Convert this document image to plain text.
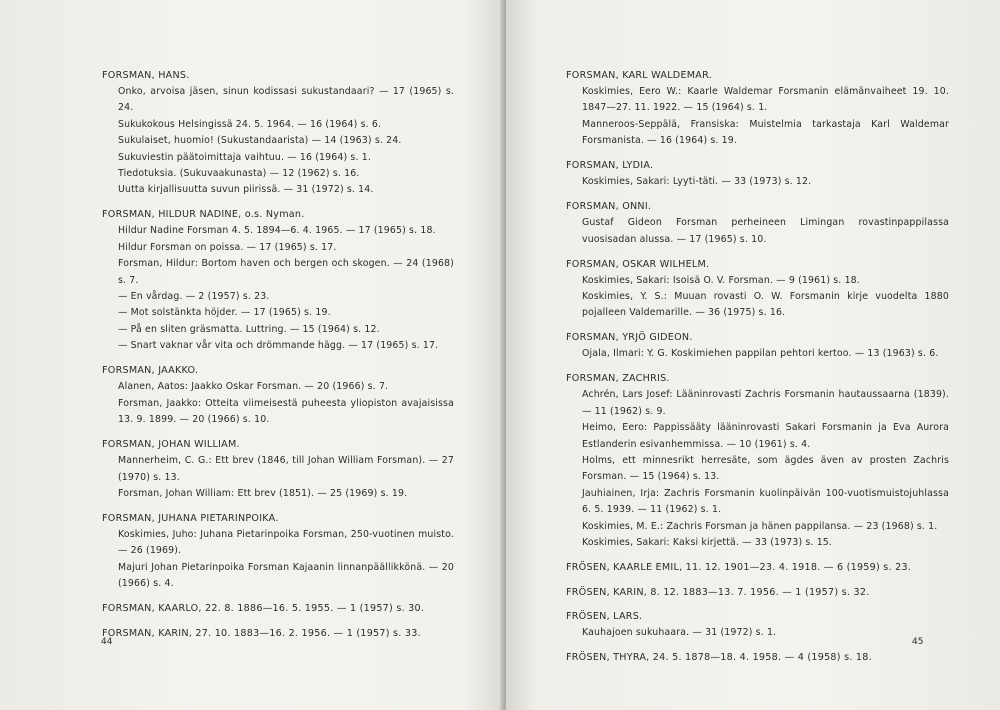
FORSMAN, HANS.
Onko, arvoisa jäsen, sinun kodissasi sukustandaari? — 17 (1965) s. 24.
Sukukokous Helsingissä 24. 5. 1964. — 16 (1964) s. 6.
Sukulaiset, huomio! (Sukustandaarista) — 14 (1963) s. 24.
Sukuviestin päätoimittaja vaihtuu. — 16 (1964) s. 1.
Tiedotuksia. (Sukuvaakunasta) — 12 (1962) s. 16.
Uutta kirjallisuutta suvun piirissä. — 31 (1972) s. 14.
FORSMAN, HILDUR NADINE, o.s. Nyman.
Hildur Nadine Forsman 4. 5. 1894—6. 4. 1965. — 17 (1965) s. 18.
Hildur Forsman on poissa. — 17 (1965) s. 17.
Forsman, Hildur: Bortom haven och bergen och skogen. — 24 (1968) s. 7.
— En vårdag. — 2 (1957) s. 23.
— Mot solstänkta höjder. — 17 (1965) s. 19.
— På en sliten gräsmatta. Luttring. — 15 (1964) s. 12.
— Snart vaknar vår vita och drömmande hägg. — 17 (1965) s. 17.
FORSMAN, JAAKKO.
Alanen, Aatos: Jaakko Oskar Forsman. — 20 (1966) s. 7.
Forsman, Jaakko: Otteita viimeisestä puheesta yliopiston avajaisissa 13. 9. 1899. — 20 (1966) s. 10.
FORSMAN, JOHAN WILLIAM.
Mannerheim, C. G.: Ett brev (1846, till Johan William Forsman). — 27 (1970) s. 13.
Forsman, Johan William: Ett brev (1851). — 25 (1969) s. 19.
FORSMAN, JUHANA PIETARINPOIKA.
Koskimies, Juho: Juhana Pietarinpoika Forsman, 250-vuotinen muisto. — 26 (1969).
Majuri Johan Pietarinpoika Forsman Kajaanin linnanpäällikkönä. — 20 (1966) s. 4.
FORSMAN, KAARLO, 22. 8. 1886—16. 5. 1955. — 1 (1957) s. 30.
FORSMAN, KARIN, 27. 10. 1883—16. 2. 1956. — 1 (1957) s. 33.
44
FORSMAN, KARL WALDEMAR.
Koskimies, Eero W.: Kaarle Waldemar Forsmanin elämänvaiheet 19. 10. 1847—27. 11. 1922. — 15 (1964) s. 1.
Manneroos-Seppälä, Fransiska: Muistelmia tarkastaja Karl Waldemar Forsmanista. — 16 (1964) s. 19.
FORSMAN, LYDIA.
Koskimies, Sakari: Lyyti-täti. — 33 (1973) s. 12.
FORSMAN, ONNI.
Gustaf Gideon Forsman perheineen Limingan rovastinpappilassa vuosisadan alussa. — 17 (1965) s. 10.
FORSMAN, OSKAR WILHELM.
Koskimies, Sakari: Isoisä O. V. Forsman. — 9 (1961) s. 18.
Koskimies, Y. S.: Muuan rovasti O. W. Forsmanin kirje vuodelta 1880 pojalleen Valdemarille. — 36 (1975) s. 16.
FORSMAN, YRJÖ GIDEON.
Ojala, Ilmari: Y. G. Koskimiehen pappilan pehtori kertoo. — 13 (1963) s. 6.
FORSMAN, ZACHRIS.
Achrén, Lars Josef: Lääninrovasti Zachris Forsmanin hautaussaarna (1839). — 11 (1962) s. 9.
Heimo, Eero: Pappissääty lääninrovasti Sakari Forsmanin ja Eva Aurora Estlanderin esivanhemmissa. — 10 (1961) s. 4.
Holms, ett minnesrikt herresäte, som ägdes även av prosten Zachris Forsman. — 15 (1964) s. 13.
Jauhiainen, Irja: Zachris Forsmanin kuolinpäivän 100-vuotismuistojuhlassa 6. 5. 1939. — 11 (1962) s. 1.
Koskimies, M. E.: Zachris Forsman ja hänen pappilansa. — 23 (1968) s. 1.
Koskimies, Sakari: Kaksi kirjettä. — 33 (1973) s. 15.
FRÖSEN, KAARLE EMIL, 11. 12. 1901—23. 4. 1918. — 6 (1959) s. 23.
FRÖSEN, KARIN, 8. 12. 1883—13. 7. 1956. — 1 (1957) s. 32.
FRÖSEN, LARS.
Kauhajoen sukuhaara. — 31 (1972) s. 1.
FRÖSEN, THYRA, 24. 5. 1878—18. 4. 1958. — 4 (1958) s. 18.
45
